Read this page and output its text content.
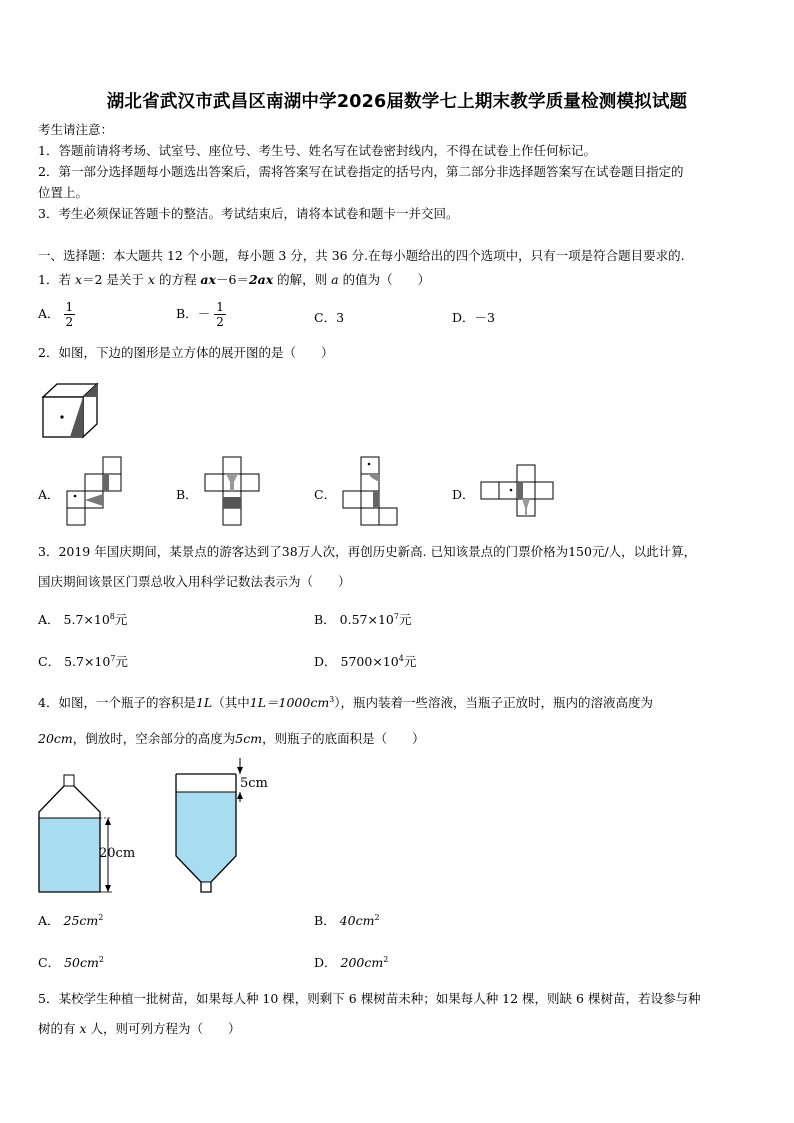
湖北省武汉市武昌区南湖中学2026届数学七上期末教学质量检测模拟试题
考生请注意：
1．答题前请将考场、试室号、座位号、考生号、姓名写在试卷密封线内，不得在试卷上作任何标记。
2．第一部分选择题每小题选出答案后，需将答案写在试卷指定的括号内，第二部分非选择题答案写在试卷题目指定的
位置上。
3．考生必须保证答题卡的整洁。考试结束后，请将本试卷和题卡一并交回。
一、选择题：本大题共 12 个小题，每小题 3 分，共 36 分.在每小题给出的四个选项中，只有一项是符合题目要求的.
1．若 x＝2 是关于 x 的方程 ax－6＝2ax 的解，则 a 的值为（　　）
A． $\frac{1}{2}$	B．－ $\frac{1}{2}$	C．3	D．－3
2．如图，下边的图形是立方体的展开图的是（　　）
A．	B．	C．	D．
3．2019 年国庆期间，某景点的游客达到了38万人次，再创历史新高. 已知该景点的门票价格为150元/人，以此计算，
国庆期间该景区门票总收入用科学记数法表示为（　　）
A． $5.7\times 10^8$元	B． $0.57\times 10^7$元
C． $5.7\times 10^7$元	D． $5700\times 10^4$元
4．如图，一个瓶子的容积是1L（其中$1L=1000cm^3$），瓶内装着一些溶液，当瓶子正放时，瓶内的溶液高度为
20cm，倒放时，空余部分的高度为5cm，则瓶子的底面积是（　　）
20cm
5cm
A． $25cm^2$	B． $40cm^2$
C． $50cm^2$	D． $200cm^2$
5．某校学生种植一批树苗，如果每人种 10 棵，则剩下 6 棵树苗未种；如果每人种 12 棵，则缺 6 棵树苗，若设参与种
树的有 x 人，则可列方程为（　　）
